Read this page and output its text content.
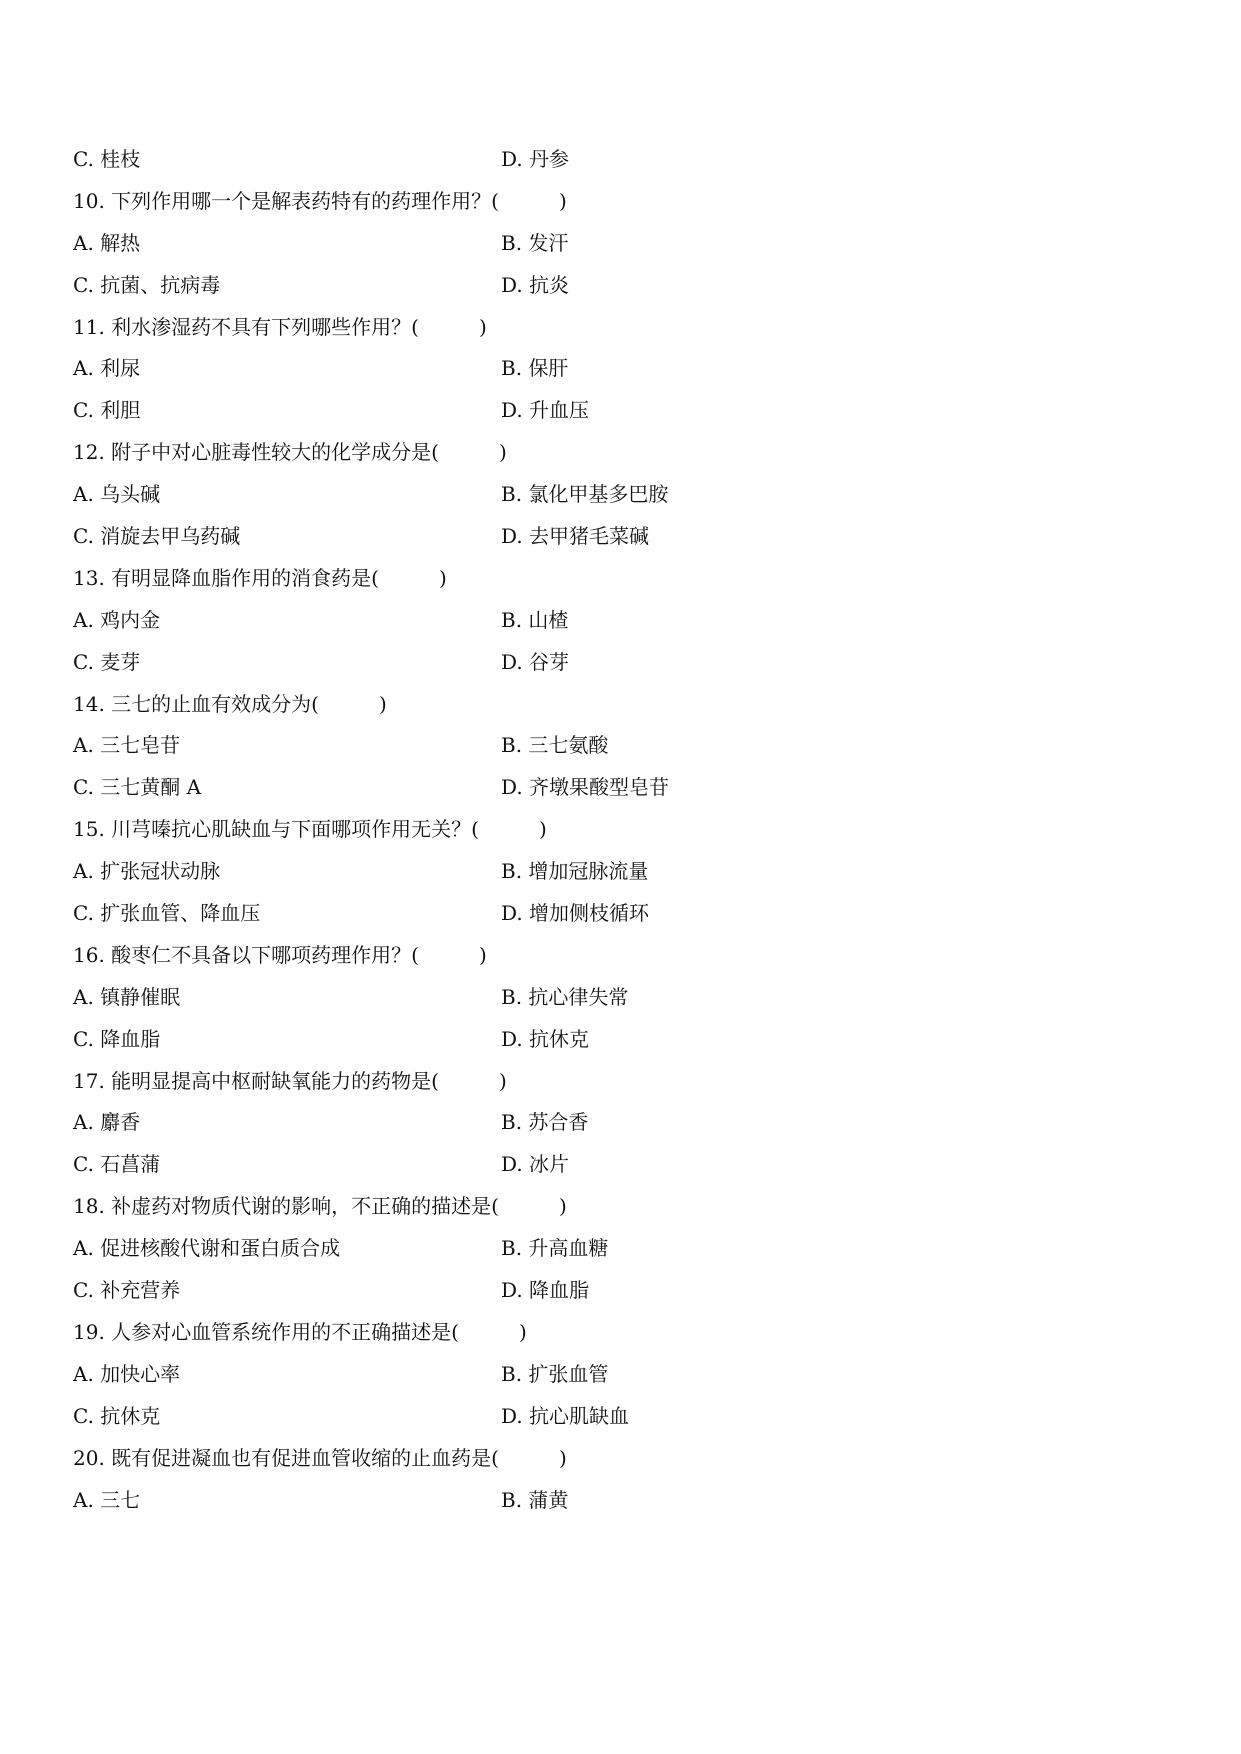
C. 桂枝	D. 丹参
10. 下列作用哪一个是解表药特有的药理作用？(　　　)
A. 解热	B. 发汗
C. 抗菌、抗病毒	D. 抗炎
11. 利水渗湿药不具有下列哪些作用？(　　　)
A. 利尿	B. 保肝
C. 利胆	D. 升血压
12. 附子中对心脏毒性较大的化学成分是(　　　)
A. 乌头碱	B. 氯化甲基多巴胺
C. 消旋去甲乌药碱	D. 去甲猪毛菜碱
13. 有明显降血脂作用的消食药是(　　　)
A. 鸡内金	B. 山楂
C. 麦芽	D. 谷芽
14. 三七的止血有效成分为(　　　)
A. 三七皂苷	B. 三七氨酸
C. 三七黄酮 A	D. 齐墩果酸型皂苷
15. 川芎嗪抗心肌缺血与下面哪项作用无关？(　　　)
A. 扩张冠状动脉	B. 增加冠脉流量
C. 扩张血管、降血压	D. 增加侧枝循环
16. 酸枣仁不具备以下哪项药理作用？(　　　)
A. 镇静催眠	B. 抗心律失常
C. 降血脂	D. 抗休克
17. 能明显提高中枢耐缺氧能力的药物是(　　　)
A. 麝香	B. 苏合香
C. 石菖蒲	D. 冰片
18. 补虚药对物质代谢的影响，不正确的描述是(　　　)
A. 促进核酸代谢和蛋白质合成	B. 升高血糖
C. 补充营养	D. 降血脂
19. 人参对心血管系统作用的不正确描述是(　　　)
A. 加快心率	B. 扩张血管
C. 抗休克	D. 抗心肌缺血
20. 既有促进凝血也有促进血管收缩的止血药是(　　　)
A. 三七	B. 蒲黄
